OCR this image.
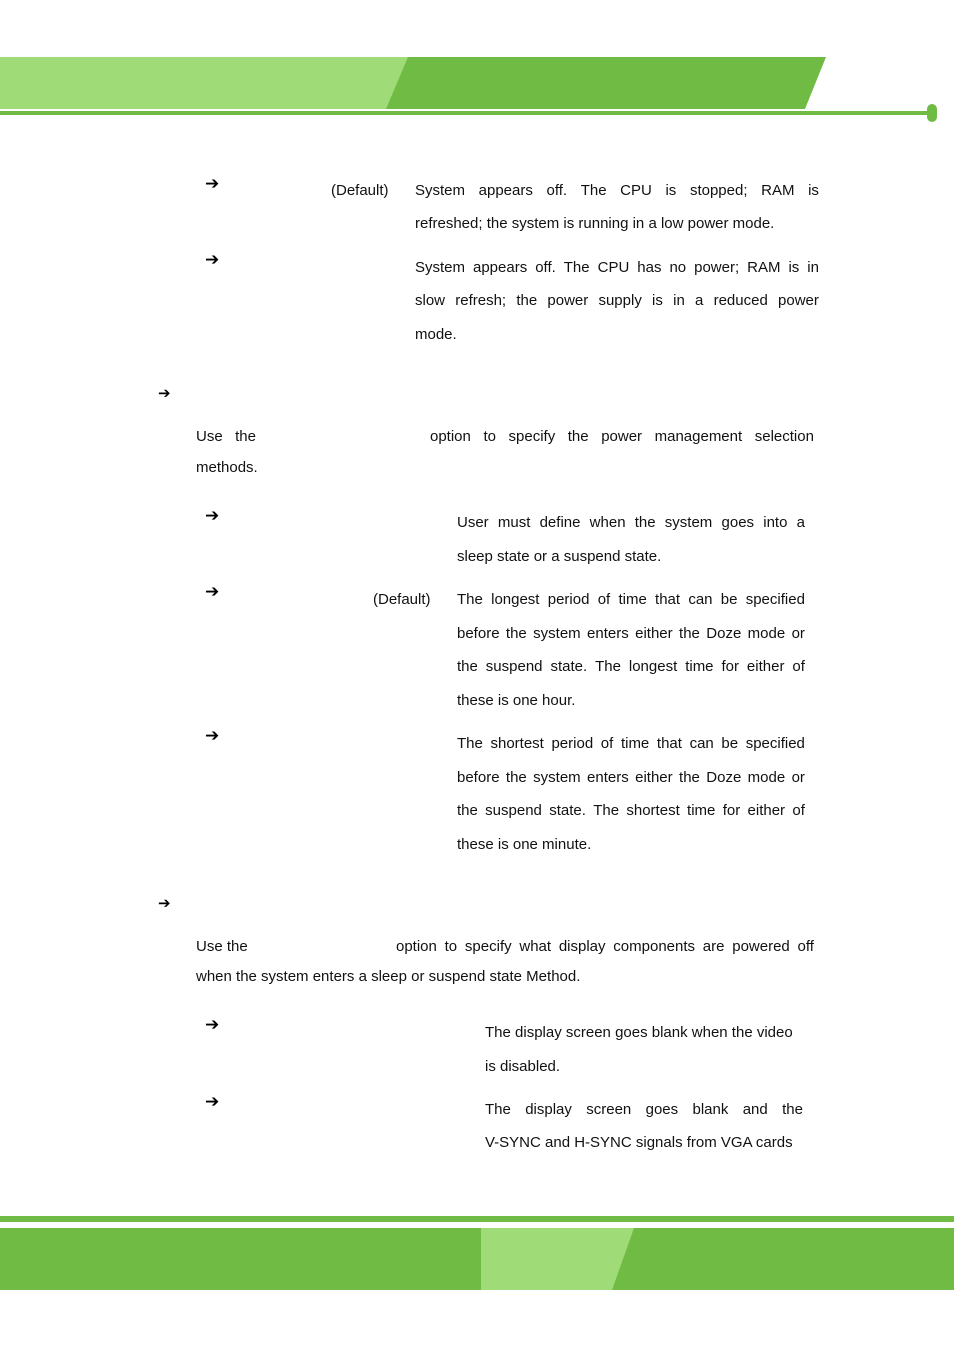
➔	(Default) System appears off. The CPU is stopped; RAM is
refreshed; the system is running in a low power mode.
➔	System appears off. The CPU has no power; RAM is in
slow refresh; the power supply is in a reduced power
mode.
➔
Use the	option to specify the power management selection
methods.
➔	User must define when the system goes into a
sleep state or a suspend state.
➔	(Default) The longest period of time that can be specified
before the system enters either the Doze mode or
the suspend state. The longest time for either of
these is one hour.
➔	The shortest period of time that can be specified
before the system enters either the Doze mode or
the suspend state. The shortest time for either of
these is one minute.
➔
Use the	option to specify what display components are powered off
when the system enters a sleep or suspend state Method.
➔	The display screen goes blank when the video
is disabled.
➔	The display screen goes blank and the
V-SYNC and H-SYNC signals from VGA cards
